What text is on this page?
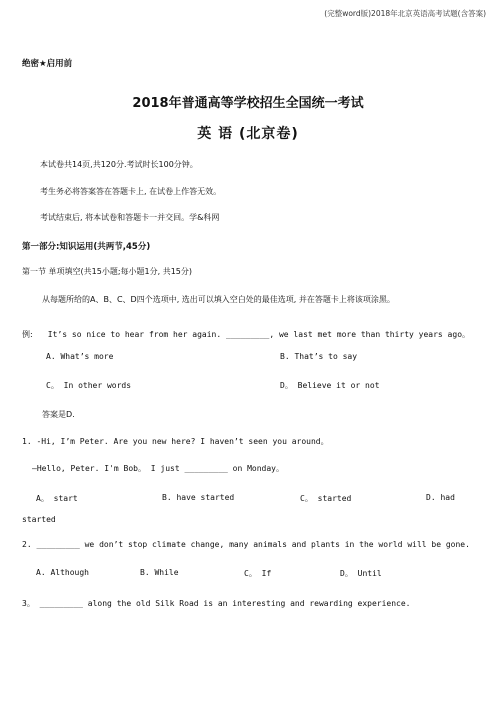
(完整word版)2018年北京英语高考试题(含答案)
绝密★启用前
2018年普通高等学校招生全国统一考试
英 语 (北京卷)
本试卷共14页,共120分.考试时长100分钟。
考生务必将答案答在答题卡上, 在试卷上作答无效。
考试结束后, 将本试卷和答题卡一并交回。学&科网
第一部分:知识运用(共两节,45分)
第一节 单项填空(共15小题;每小题1分, 共15分)
从每题所给的A、B、C、D四个选项中, 选出可以填入空白处的最佳选项, 并在答题卡上将该项涂黑。
例: It’s so nice to hear from her again. _________, we last met more than thirty years ago。
A. What’s more	B. That’s to say
C。 In other words	D。 Believe it or not
答案是D.
1. -Hi, I’m Peter. Are you new here? I haven’t seen you around。
—Hello, Peter. I'm Bob。 I just _________ on Monday。
A。 start	B. have started	C。 started	D. had
started
2. _________ we don’t stop climate change, many animals and plants in the world will be gone.
A. Although	B. While	C。 If	D。 Until
3。 _________ along the old Silk Road is an interesting and rewarding experience.
